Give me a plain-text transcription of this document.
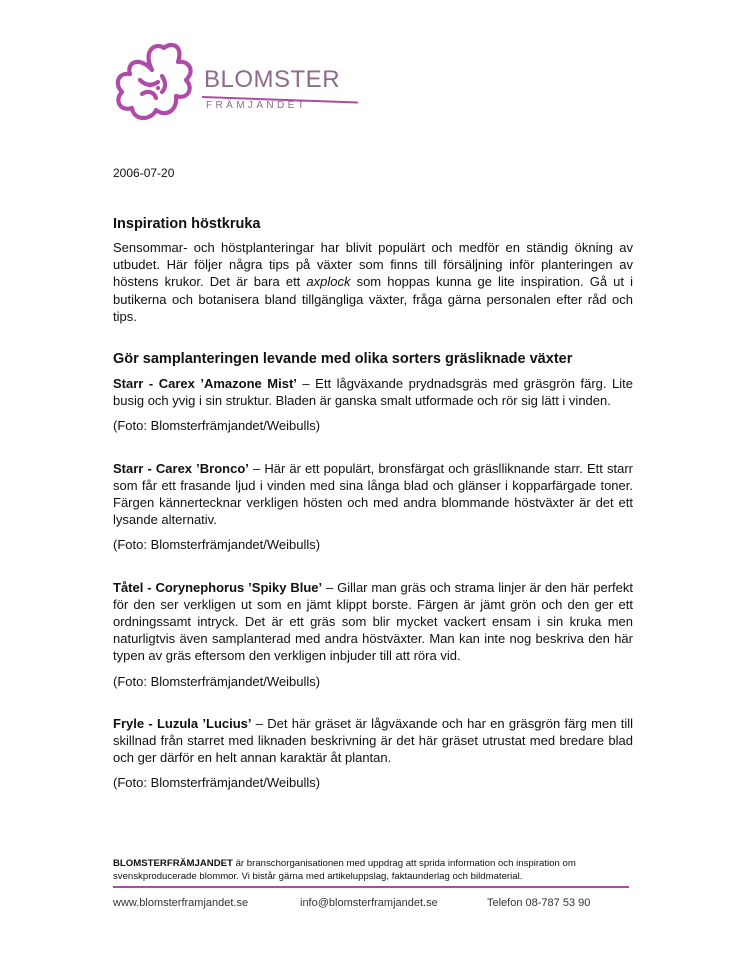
BLOMSTER
FRÄMJANDET
2006-07-20
Inspiration höstkruka

Sensommar- och höstplanteringar har blivit populärt och medför en ständig ökning av utbudet. Här följer några tips på växter som finns till försäljning inför planteringen av höstens krukor. Det är bara ett axplock som hoppas kunna ge lite inspiration. Gå ut i butikerna och botanisera bland tillgängliga växter, fråga gärna personalen efter råd och tips.

Gör samplanteringen levande med olika sorters gräsliknade växter

Starr - Carex ’Amazone Mist’ – Ett lågväxande prydnadsgräs med gräsgrön färg. Lite busig och yvig i sin struktur. Bladen är ganska smalt utformade och rör sig lätt i vinden.

(Foto: Blomsterfrämjandet/Weibulls)

Starr - Carex ’Bronco’ – Här är ett populärt, bronsfärgat och gräslliknande starr. Ett starr som får ett frasande ljud i vinden med sina långa blad och glänser i kopparfärgade toner. Färgen kännertecknar verkligen hösten och med andra blommande höstväxter är det ett lysande alternativ.

(Foto: Blomsterfrämjandet/Weibulls)

Tåtel - Corynephorus ’Spiky Blue’ – Gillar man gräs och strama linjer är den här perfekt för den ser verkligen ut som en jämt klippt borste. Färgen är jämt grön och den ger ett ordningssamt intryck. Det är ett gräs som blir mycket vackert ensam i sin kruka men naturligtvis även samplanterad med andra höstväxter. Man kan inte nog beskriva den här typen av gräs eftersom den verkligen inbjuder till att röra vid.

(Foto: Blomsterfrämjandet/Weibulls)

Fryle - Luzula ’Lucius’ – Det här gräset är lågväxande och har en gräsgrön färg men till skillnad från starret med liknaden beskrivning är det här gräset utrustat med bredare blad och ger därför en helt annan karaktär åt plantan.

(Foto: Blomsterfrämjandet/Weibulls)

BLOMSTERFRÄMJANDET är branschorganisationen med uppdrag att sprida information och inspiration om svenskproducerade blommor. Vi bistår gärna med artikeluppslag, faktaunderlag och bildmaterial.
www.blomsterframjandet.se	info@blomsterframjandet.se	Telefon 08-787 53 90
